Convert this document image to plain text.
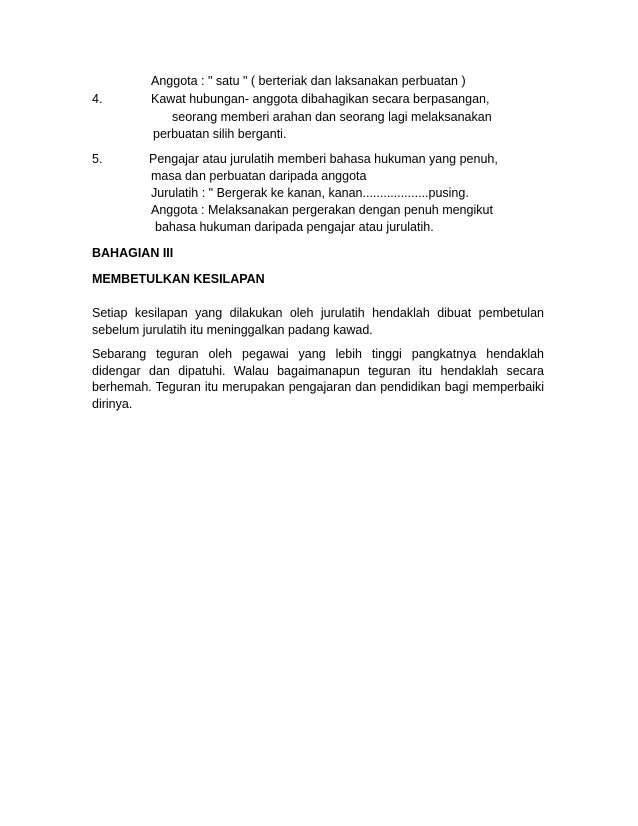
Anggota : " satu " ( berteriak dan laksanakan perbuatan )
4.	Kawat hubungan- anggota dibahagikan secara berpasangan,
seorang memberi arahan dan seorang lagi melaksanakan
perbuatan silih berganti.
5.	Pengajar atau jurulatih memberi bahasa hukuman yang penuh,
masa dan perbuatan daripada anggota
Jurulatih : " Bergerak ke kanan, kanan...................pusing.
Anggota : Melaksanakan pergerakan dengan penuh mengikut
bahasa hukuman daripada pengajar atau jurulatih.
BAHAGIAN III
MEMBETULKAN KESILAPAN
Setiap kesilapan yang dilakukan oleh jurulatih hendaklah dibuat pembetulan sebelum jurulatih itu meninggalkan padang kawad.
Sebarang teguran oleh pegawai yang lebih tinggi pangkatnya hendaklah didengar dan dipatuhi. Walau bagaimanapun teguran itu hendaklah secara berhemah. Teguran itu merupakan pengajaran dan pendidikan bagi memperbaiki dirinya.
